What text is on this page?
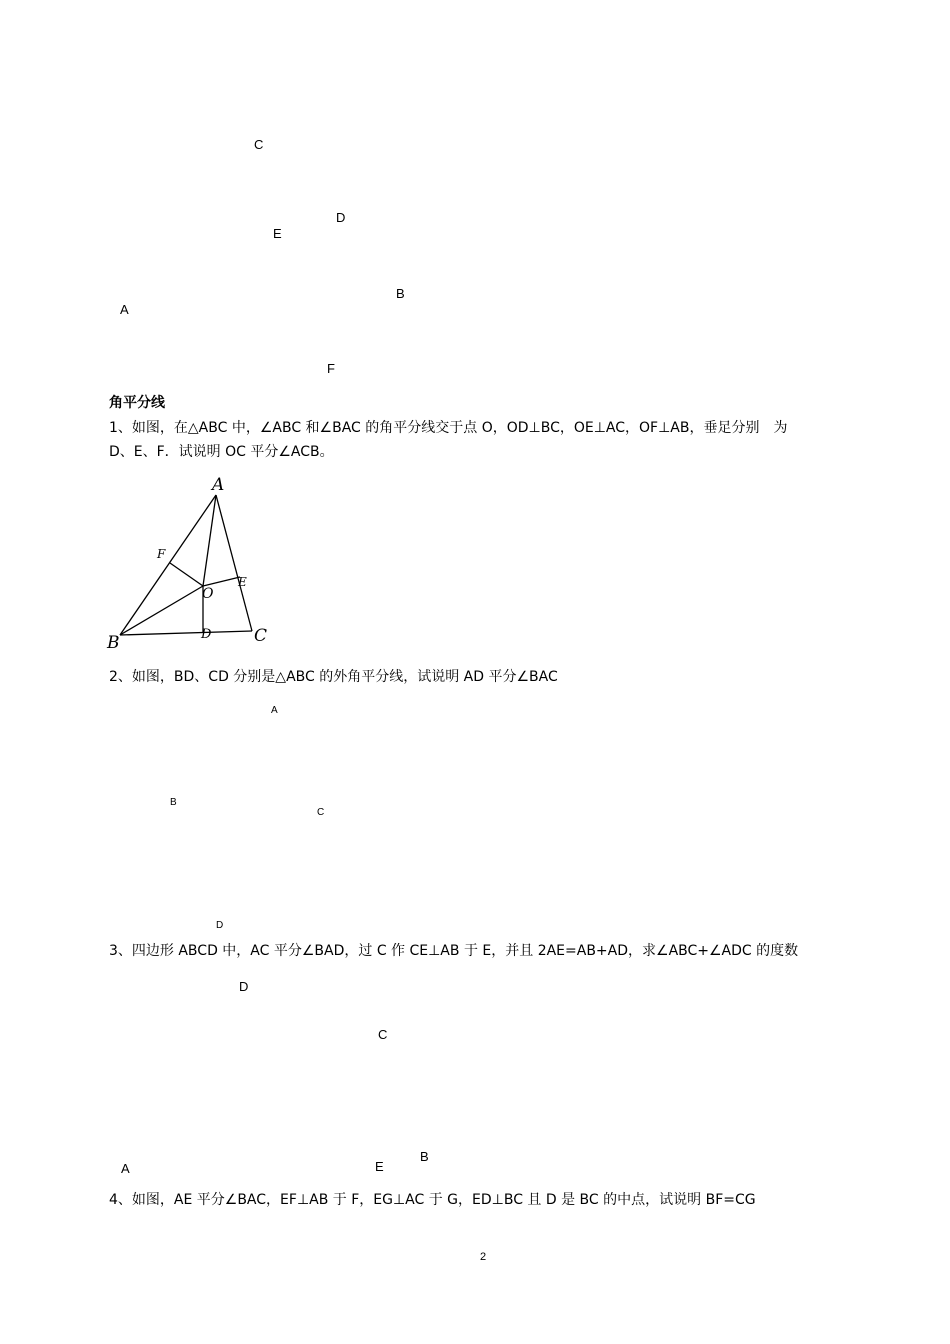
C
D
E
B
A
F
角平分线
1、如图，在△ABC 中，∠ABC 和∠BAC 的角平分线交于点 O，OD⊥BC，OE⊥AC，OF⊥AB，垂足分别　为
D、E、F．试说明 OC 平分∠ACB。
A
F
E
O
B	D	C
2、如图，BD、CD 分别是△ABC 的外角平分线，试说明 AD 平分∠BAC
A
B
C
D
3、四边形 ABCD 中，AC 平分∠BAD，过 C 作 CE⊥AB 于 E，并且 2AE=AB+AD，求∠ABC+∠ADC 的度数
D
C
A	E
B
4、如图，AE 平分∠BAC，EF⊥AB 于 F，EG⊥AC 于 G，ED⊥BC 且 D 是 BC 的中点，试说明 BF=CG
2
